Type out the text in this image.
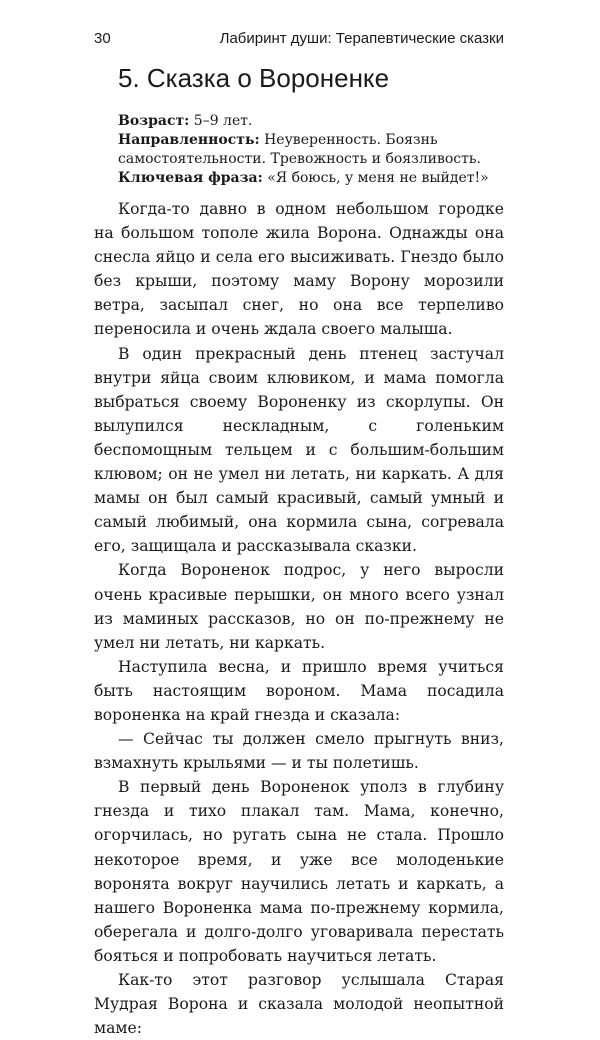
30	Лабиринт души: Терапевтические сказки
5. Сказка о Вороненке

Возраст: 5–9 лет.

Направленность: Неуверенность. Боязнь самостоятельности. Тревожность и боязливость.

Ключевая фраза: «Я боюсь, у меня не выйдет!»

Когда-то давно в одном небольшом городке на большом тополе жила Ворона. Однажды она снесла яйцо и села его высиживать. Гнездо было без крыши, поэтому маму Ворону морозили ветра, засыпал снег, но она все терпеливо переносила и очень ждала своего малыша.

В один прекрасный день птенец застучал внутри яйца своим клювиком, и мама помогла выбраться своему Вороненку из скорлупы. Он вылупился нескладным, с голеньким беспомощным тельцем и с большим-большим клювом; он не умел ни летать, ни каркать. А для мамы он был самый красивый, самый умный и самый любимый, она кормила сына, согревала его, защищала и рассказывала сказки.

Когда Вороненок подрос, у него выросли очень красивые перышки, он много всего узнал из маминых рассказов, но он по-прежнему не умел ни летать, ни каркать.

Наступила весна, и пришло время учиться быть настоящим вороном. Мама посадила вороненка на край гнезда и сказала:

— Сейчас ты должен смело прыгнуть вниз, взмахнуть крыльями — и ты полетишь.

В первый день Вороненок уполз в глубину гнезда и тихо плакал там. Мама, конечно, огорчилась, но ругать сына не стала. Прошло некоторое время, и уже все молоденькие воронята вокруг научились летать и каркать, а нашего Вороненка мама по-прежнему кормила, оберегала и долго-долго уговаривала перестать бояться и попробовать научиться летать.

Как-то этот разговор услышала Старая Мудрая Ворона и сказала молодой неопытной маме:
